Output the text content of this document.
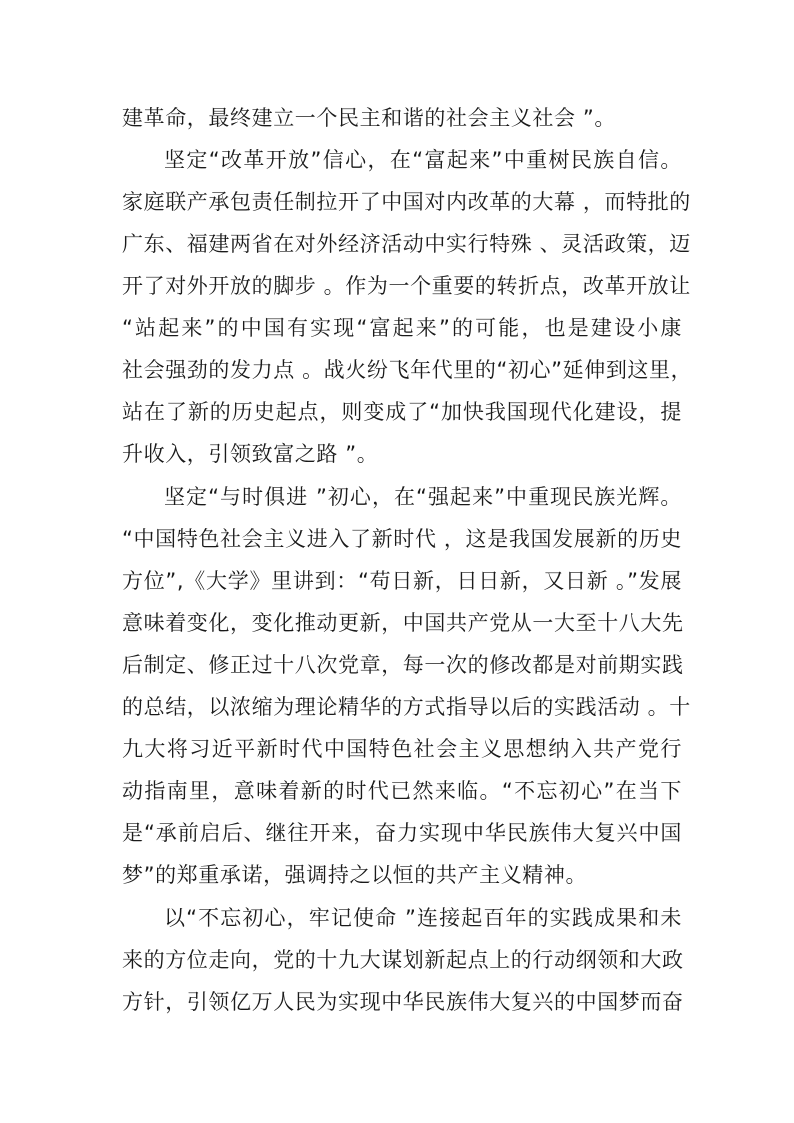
建革命，最终建立一个民主和谐的社会主义社会 ”。
坚定“改革开放”信心，在“富起来”中重树民族自信。
家庭联产承包责任制拉开了中国对内改革的大幕 ，而特批的
广东、福建两省在对外经济活动中实行特殊 、灵活政策，迈
开了对外开放的脚步 。作为一个重要的转折点，改革开放让
“站起来”的中国有实现“富起来”的可能，也是建设小康
社会强劲的发力点 。战火纷飞年代里的“初心”延伸到这里，
站在了新的历史起点，则变成了“加快我国现代化建设，提
升收入，引领致富之路 ”。
坚定“与时俱进 ”初心，在“强起来”中重现民族光辉。
“中国特色社会主义进入了新时代 ，这是我国发展新的历史
方位”,《大学》里讲到：“苟日新，日日新，又日新 。”发展
意味着变化，变化推动更新，中国共产党从一大至十八大先
后制定、修正过十八次党章，每一次的修改都是对前期实践
的总结，以浓缩为理论精华的方式指导以后的实践活动 。十
九大将习近平新时代中国特色社会主义思想纳入共产党行
动指南里，意味着新的时代已然来临。“不忘初心”在当下
是“承前启后、继往开来，奋力实现中华民族伟大复兴中国
梦”的郑重承诺，强调持之以恒的共产主义精神。
以“不忘初心，牢记使命 ”连接起百年的实践成果和未
来的方位走向，党的十九大谋划新起点上的行动纲领和大政
方针，引领亿万人民为实现中华民族伟大复兴的中国梦而奋
